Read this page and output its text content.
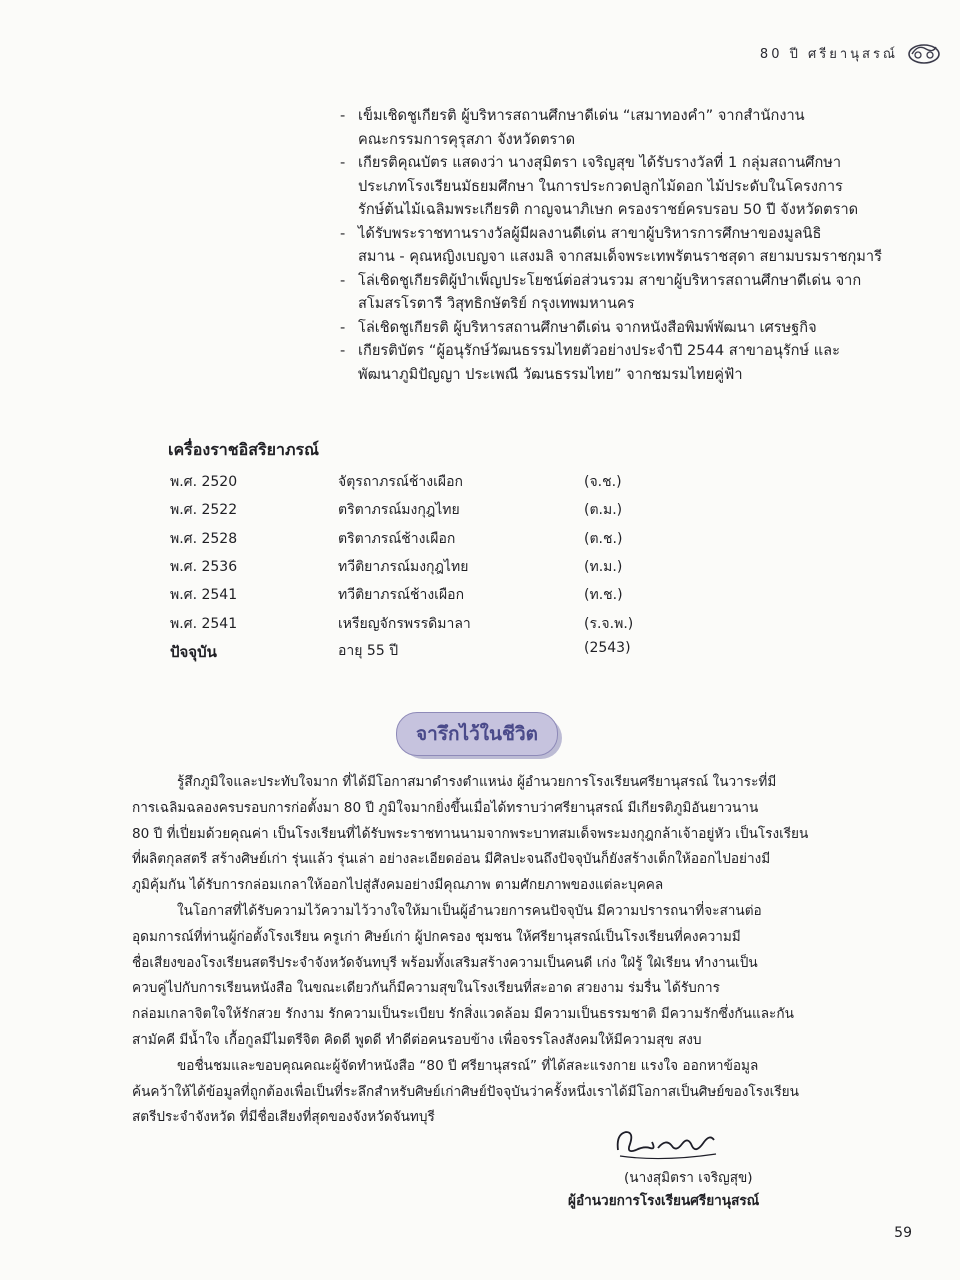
80 ปี ศรียานุสรณ์
- เข็มเชิดชูเกียรติ ผู้บริหารสถานศึกษาดีเด่น “เสมาทองคำ” จากสำนักงาน
คณะกรรมการคุรุสภา จังหวัดตราด
- เกียรติคุณบัตร แสดงว่า นางสุมิตรา เจริญสุข ได้รับรางวัลที่ 1 กลุ่มสถานศึกษา
ประเภทโรงเรียนมัธยมศึกษา ในการประกวดปลูกไม้ดอก ไม้ประดับในโครงการ
รักษ์ต้นไม้เฉลิมพระเกียรติ กาญจนาภิเษก ครองราชย์ครบรอบ 50 ปี จังหวัดตราด
- ได้รับพระราชทานรางวัลผู้มีผลงานดีเด่น สาขาผู้บริหารการศึกษาของมูลนิธิ
สมาน - คุณหญิงเบญจา แสงมลิ จากสมเด็จพระเทพรัตนราชสุดา สยามบรมราชกุมารี
- โล่เชิดชูเกียรติผู้บำเพ็ญประโยชน์ต่อส่วนรวม สาขาผู้บริหารสถานศึกษาดีเด่น จาก
สโมสรโรตารี วิสุทธิกษัตริย์ กรุงเทพมหานคร
- โล่เชิดชูเกียรติ ผู้บริหารสถานศึกษาดีเด่น จากหนังสือพิมพ์พัฒนา เศรษฐกิจ
- เกียรติบัตร “ผู้อนุรักษ์วัฒนธรรมไทยตัวอย่างประจำปี 2544 สาขาอนุรักษ์ และ
พัฒนาภูมิปัญญา ประเพณี วัฒนธรรมไทย” จากชมรมไทยคู่ฟ้า
เครื่องราชอิสริยาภรณ์
พ.ศ. 2520	จัตุรถาภรณ์ช้างเผือก	(จ.ช.)
พ.ศ. 2522	ตริตาภรณ์มงกุฎไทย	(ต.ม.)
พ.ศ. 2528	ตริตาภรณ์ช้างเผือก	(ต.ช.)
พ.ศ. 2536	ทวีติยาภรณ์มงกุฎไทย	(ท.ม.)
พ.ศ. 2541	ทวีติยาภรณ์ช้างเผือก	(ท.ช.)
พ.ศ. 2541	เหรียญจักรพรรดิมาลา	(ร.จ.พ.)
ปัจจุบัน	อายุ 55 ปี	(2543)
จารึกไว้ในชีวิต
รู้สึกภูมิใจและประทับใจมาก ที่ได้มีโอกาสมาดำรงตำแหน่ง ผู้อำนวยการโรงเรียนศรียานุสรณ์ ในวาระที่มี
การเฉลิมฉลองครบรอบการก่อตั้งมา 80 ปี ภูมิใจมากยิ่งขึ้นเมื่อได้ทราบว่าศรียานุสรณ์ มีเกียรติภูมิอันยาวนาน
80 ปี ที่เปี่ยมด้วยคุณค่า เป็นโรงเรียนที่ได้รับพระราชทานนามจากพระบาทสมเด็จพระมงกุฎกล้าเจ้าอยู่หัว เป็นโรงเรียน
ที่ผลิตกุลสตรี สร้างศิษย์เก่า รุ่นแล้ว รุ่นเล่า อย่างละเอียดอ่อน มีศิลปะจนถึงปัจจุบันก็ยังสร้างเด็กให้ออกไปอย่างมี
ภูมิคุ้มกัน ได้รับการกล่อมเกลาให้ออกไปสู่สังคมอย่างมีคุณภาพ ตามศักยภาพของแต่ละบุคคล
ในโอกาสที่ได้รับความไว้ความไว้วางใจให้มาเป็นผู้อำนวยการคนปัจจุบัน มีความปรารถนาที่จะสานต่อ
อุดมการณ์ที่ท่านผู้ก่อตั้งโรงเรียน ครูเก่า ศิษย์เก่า ผู้ปกครอง ชุมชน ให้ศรียานุสรณ์เป็นโรงเรียนที่คงความมี
ชื่อเสียงของโรงเรียนสตรีประจำจังหวัดจันทบุรี พร้อมทั้งเสริมสร้างความเป็นคนดี เก่ง ใฝ่รู้ ใฝ่เรียน ทำงานเป็น
ควบคู่ไปกับการเรียนหนังสือ ในขณะเดียวกันก็มีความสุขในโรงเรียนที่สะอาด สวยงาม ร่มรื่น ได้รับการ
กล่อมเกลาจิตใจให้รักสวย รักงาม รักความเป็นระเบียบ รักสิ่งแวดล้อม มีความเป็นธรรมชาติ มีความรักซึ่งกันและกัน
สามัคคี มีน้ำใจ เกื้อกูลมีไมตรีจิต คิดดี พูดดี ทำดีต่อคนรอบข้าง เพื่อจรรโลงสังคมให้มีความสุข สงบ
ขอชื่นชมและขอบคุณคณะผู้จัดทำหนังสือ “80 ปี ศรียานุสรณ์” ที่ได้สละแรงกาย แรงใจ ออกหาข้อมูล
ค้นคว้าให้ได้ข้อมูลที่ถูกต้องเพื่อเป็นที่ระลึกสำหรับศิษย์เก่าศิษย์ปัจจุบันว่าครั้งหนึ่งเราได้มีโอกาสเป็นศิษย์ของโรงเรียน
สตรีประจำจังหวัด ที่มีชื่อเสียงที่สุดของจังหวัดจันทบุรี
(นางสุมิตรา เจริญสุข)
ผู้อำนวยการโรงเรียนศรียานุสรณ์
59
